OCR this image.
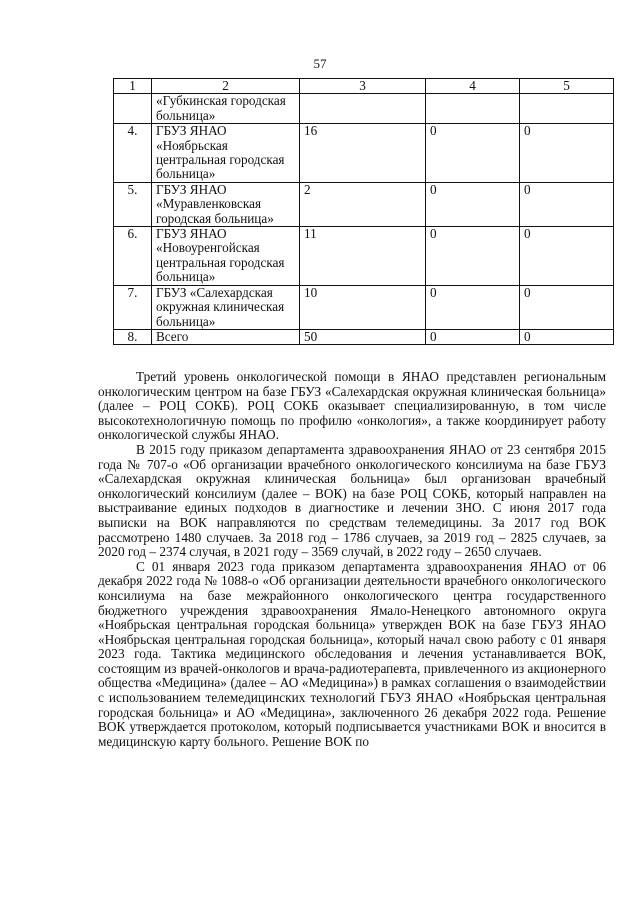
57
1	2	3	4	5
	«Губкинская городская больница»			
4.	ГБУЗ ЯНАО «Ноябрьская центральная городская больница»	16	0	0
5.	ГБУЗ ЯНАО «Муравленковская городская больница»	2	0	0
6.	ГБУЗ ЯНАО «Новоуренгойская центральная городская больница»	11	0	0
7.	ГБУЗ «Салехардская окружная клиническая больница»	10	0	0
8.	Всего	50	0	0

Третий уровень онкологической помощи в ЯНАО представлен региональным онкологическим центром на базе ГБУЗ «Салехардская окружная клиническая больница» (далее – РОЦ СОКБ). РОЦ СОКБ оказывает специализированную, в том числе высокотехнологичную помощь по профилю «онкология», а также координирует работу онкологической службы ЯНАО.

В 2015 году приказом департамента здравоохранения ЯНАО от 23 сентября 2015 года № 707-о «Об организации врачебного онкологического консилиума на базе ГБУЗ «Салехардская окружная клиническая больница» был организован врачебный онкологический консилиум (далее – ВОК) на базе РОЦ СОКБ, который направлен на выстраивание единых подходов в диагностике и лечении ЗНО. С июня 2017 года выписки на ВОК направляются по средствам телемедицины. За 2017 год ВОК рассмотрено 1480 случаев. За 2018 год – 1786 случаев, за 2019 год – 2825 случаев, за 2020 год – 2374 случая, в 2021 году – 3569 случай, в 2022 году – 2650 случаев.

С 01 января 2023 года приказом департамента здравоохранения ЯНАО от 06 декабря 2022 года № 1088-о «Об организации деятельности врачебного онкологического консилиума на базе межрайонного онкологического центра государственного бюджетного учреждения здравоохранения Ямало-Ненецкого автономного округа «Ноябрьская центральная городская больница» утвержден ВОК на базе ГБУЗ ЯНАО «Ноябрьская центральная городская больница», который начал свою работу с 01 января 2023 года. Тактика медицинского обследования и лечения устанавливается ВОК, состоящим из врачей-онкологов и врача-радиотерапевта, привлеченного из акционерного общества «Медицина» (далее – АО «Медицина») в рамках соглашения о взаимодействии с использованием телемедицинских технологий ГБУЗ ЯНАО «Ноябрьская центральная городская больница» и АО «Медицина», заключенного 26 декабря 2022 года. Решение ВОК утверждается протоколом, который подписывается участниками ВОК и вносится в медицинскую карту больного. Решение ВОК по
